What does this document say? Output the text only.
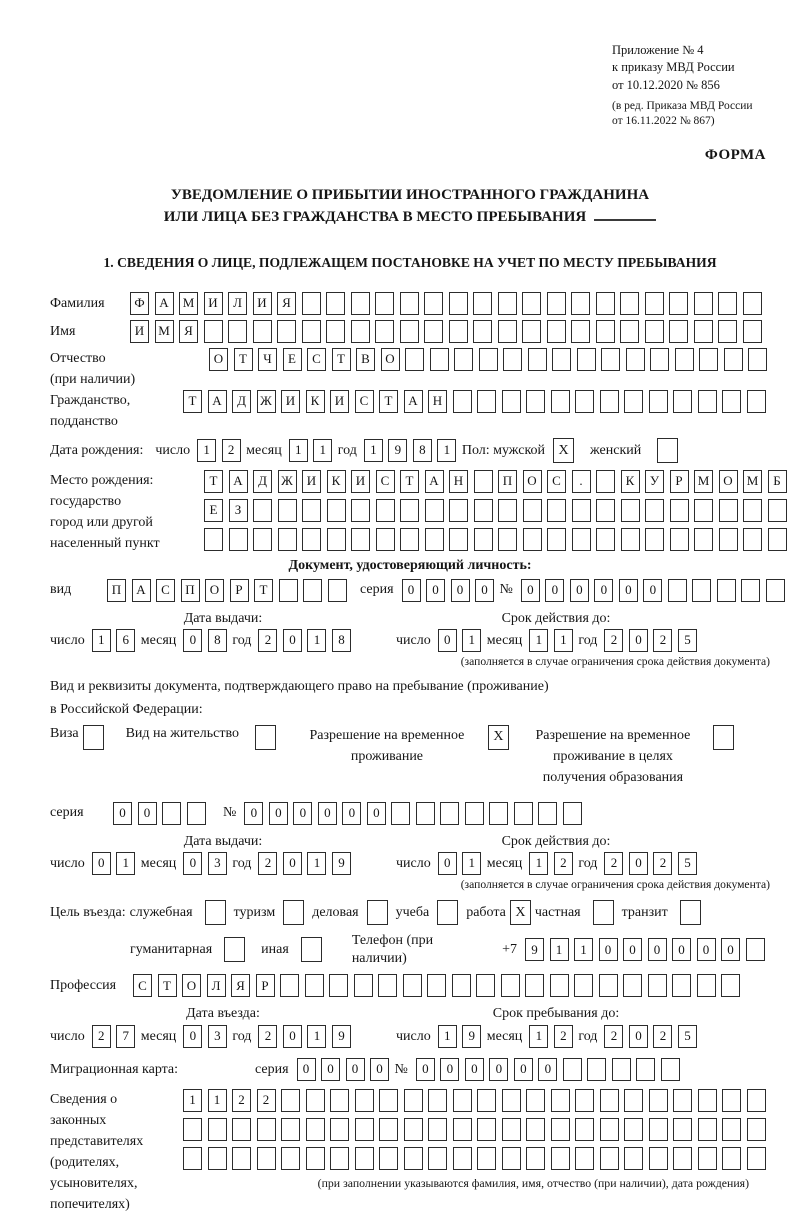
Приложение № 4
к приказу МВД России
от 10.12.2020 № 856
(в ред. Приказа МВД России
от 16.11.2022 № 867)
ФОРМА
УВЕДОМЛЕНИЕ О ПРИБЫТИИ ИНОСТРАННОГО ГРАЖДАНИНА
ИЛИ ЛИЦА БЕЗ ГРАЖДАНСТВА В МЕСТО ПРЕБЫВАНИЯ
1. СВЕДЕНИЯ О ЛИЦЕ, ПОДЛЕЖАЩЕМ ПОСТАНОВКЕ НА УЧЕТ ПО МЕСТУ ПРЕБЫВАНИЯ
Фамилия	Ф	А	М	И	Л	И	Я
Имя	И	М	Я
Отчество
(при наличии)
О	Т	Ч	Е	С	Т	В	О
Гражданство,
подданство
Т	А	Д	Ж	И	К	И	С	Т	А	Н
Дата рождения: число	1	2 месяц	1	1 год	1	9	8	1 Пол: мужской X	женский
Место рождения:
государство
город или другой
населенный пункт
Т	А	Д	Ж	И	К	И	С	Т	А	Н	П	О	С	.	К	У	Р	М	О	М	Б
Е	З
Документ, удостоверяющий личность:
вид	П	А	С	П	О	Р	Т	серия	0	0	0	0 №	0	0	0	0	0	0
Дата выдачи:	Срок действия до:
число	1	6 месяц	0	8 год	2	0	1	8	число	0	1 месяц	1	1 год	2	0	2	5
(заполняется в случае ограничения срока действия документа)
Вид и реквизиты документа, подтверждающего право на пребывание (проживание)
в Российской Федерации:
Виза	Вид на жительство	Разрешение на временное проживание
X	Разрешение на временное проживание в целях получения образования
серия	0	0	№	0	0	0	0	0	0
Дата выдачи:	Срок действия до:
число	0	1 месяц	0	3 год	2	0	1	9	число	0	1 месяц	1	2 год	2	0	2	5
(заполняется в случае ограничения срока действия документа)
Цель въезда: служебная	туризм	деловая	учеба	работа X частная	транзит
гуманитарная	иная
Телефон (при наличии)
+7	9	1	1	0	0	0	0	0	0
Профессия	С	Т	О	Л	Я	Р
Дата въезда:	Срок пребывания до:
число	2	7 месяц	0	3 год	2	0	1	9	число	1	9 месяц	1	2 год	2	0	2	5
Миграционная карта:	серия	0	0	0	0 №	0	0	0	0	0	0
Сведения о
законных
представителях
(родителях,
усыновителях,
попечителях)
1	1	2	2
(при заполнении указываются фамилия, имя, отчество (при наличии), дата рождения)
